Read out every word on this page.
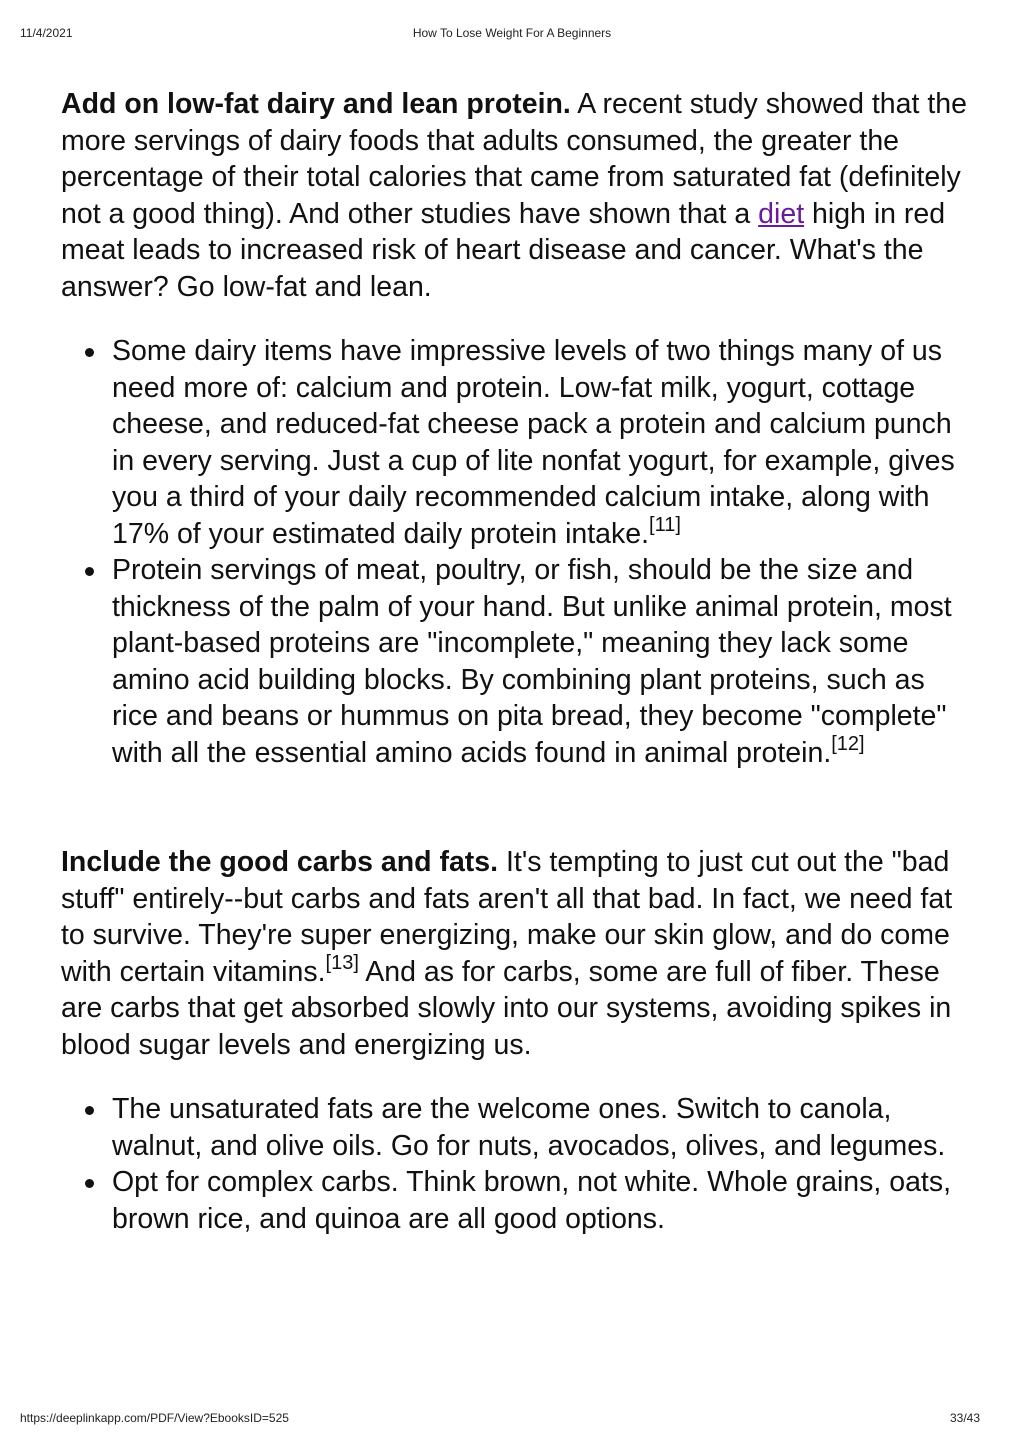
11/4/2021	How To Lose Weight For A Beginners

Add on low-fat dairy and lean protein. A recent study showed that the more servings of dairy foods that adults consumed, the greater the percentage of their total calories that came from saturated fat (definitely not a good thing). And other studies have shown that a diet high in red meat leads to increased risk of heart disease and cancer. What's the answer? Go low-fat and lean.

Some dairy items have impressive levels of two things many of us need more of: calcium and protein. Low-fat milk, yogurt, cottage cheese, and reduced-fat cheese pack a protein and calcium punch in every serving. Just a cup of lite nonfat yogurt, for example, gives you a third of your daily recommended calcium intake, along with 17% of your estimated daily protein intake.[11]
Protein servings of meat, poultry, or fish, should be the size and thickness of the palm of your hand. But unlike animal protein, most plant-based proteins are "incomplete," meaning they lack some amino acid building blocks. By combining plant proteins, such as rice and beans or hummus on pita bread, they become "complete" with all the essential amino acids found in animal protein.[12]

Include the good carbs and fats. It's tempting to just cut out the "bad stuff" entirely--but carbs and fats aren't all that bad. In fact, we need fat to survive. They're super energizing, make our skin glow, and do come with certain vitamins.[13] And as for carbs, some are full of fiber. These are carbs that get absorbed slowly into our systems, avoiding spikes in blood sugar levels and energizing us.

The unsaturated fats are the welcome ones. Switch to canola, walnut, and olive oils. Go for nuts, avocados, olives, and legumes.
Opt for complex carbs. Think brown, not white. Whole grains, oats, brown rice, and quinoa are all good options.
https://deeplinkapp.com/PDF/View?EbooksID=525	33/43
